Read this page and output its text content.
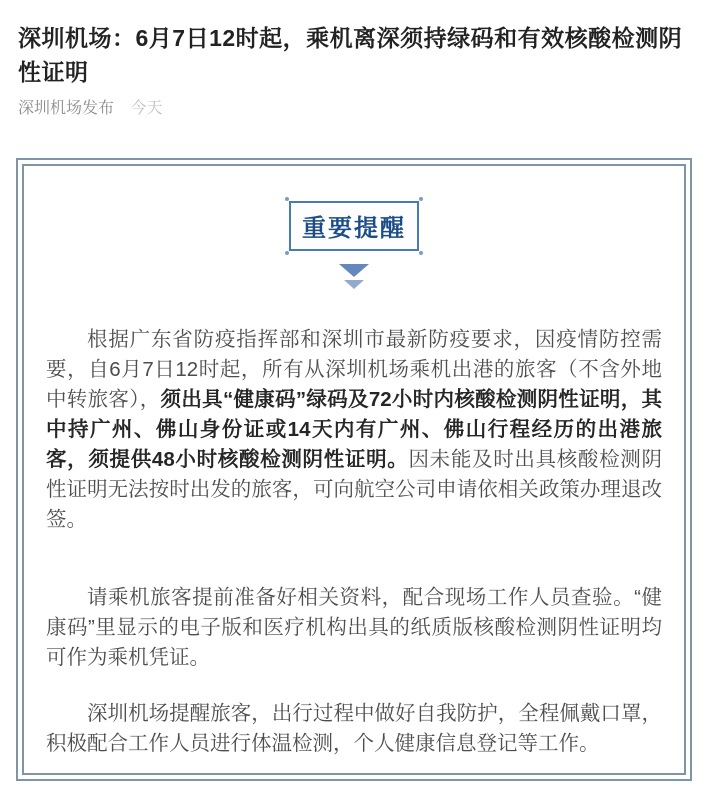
深圳机场：6月7日12时起，乘机离深须持绿码和有效核酸检测阴性证明
深圳机场发布 今天
重要提醒

根据广东省防疫指挥部和深圳市最新防疫要求，因疫情防控需要，自6月7日12时起，所有从深圳机场乘机出港的旅客（不含外地中转旅客），须出具“健康码”绿码及72小时内核酸检测阴性证明，其中持广州、佛山身份证或14天内有广州、佛山行程经历的出港旅客，须提供48小时核酸检测阴性证明。因未能及时出具核酸检测阴性证明无法按时出发的旅客，可向航空公司申请依相关政策办理退改签。

请乘机旅客提前准备好相关资料，配合现场工作人员查验。“健康码”里显示的电子版和医疗机构出具的纸质版核酸检测阴性证明均可作为乘机凭证。

深圳机场提醒旅客，出行过程中做好自我防护，全程佩戴口罩，积极配合工作人员进行体温检测，个人健康信息登记等工作。
